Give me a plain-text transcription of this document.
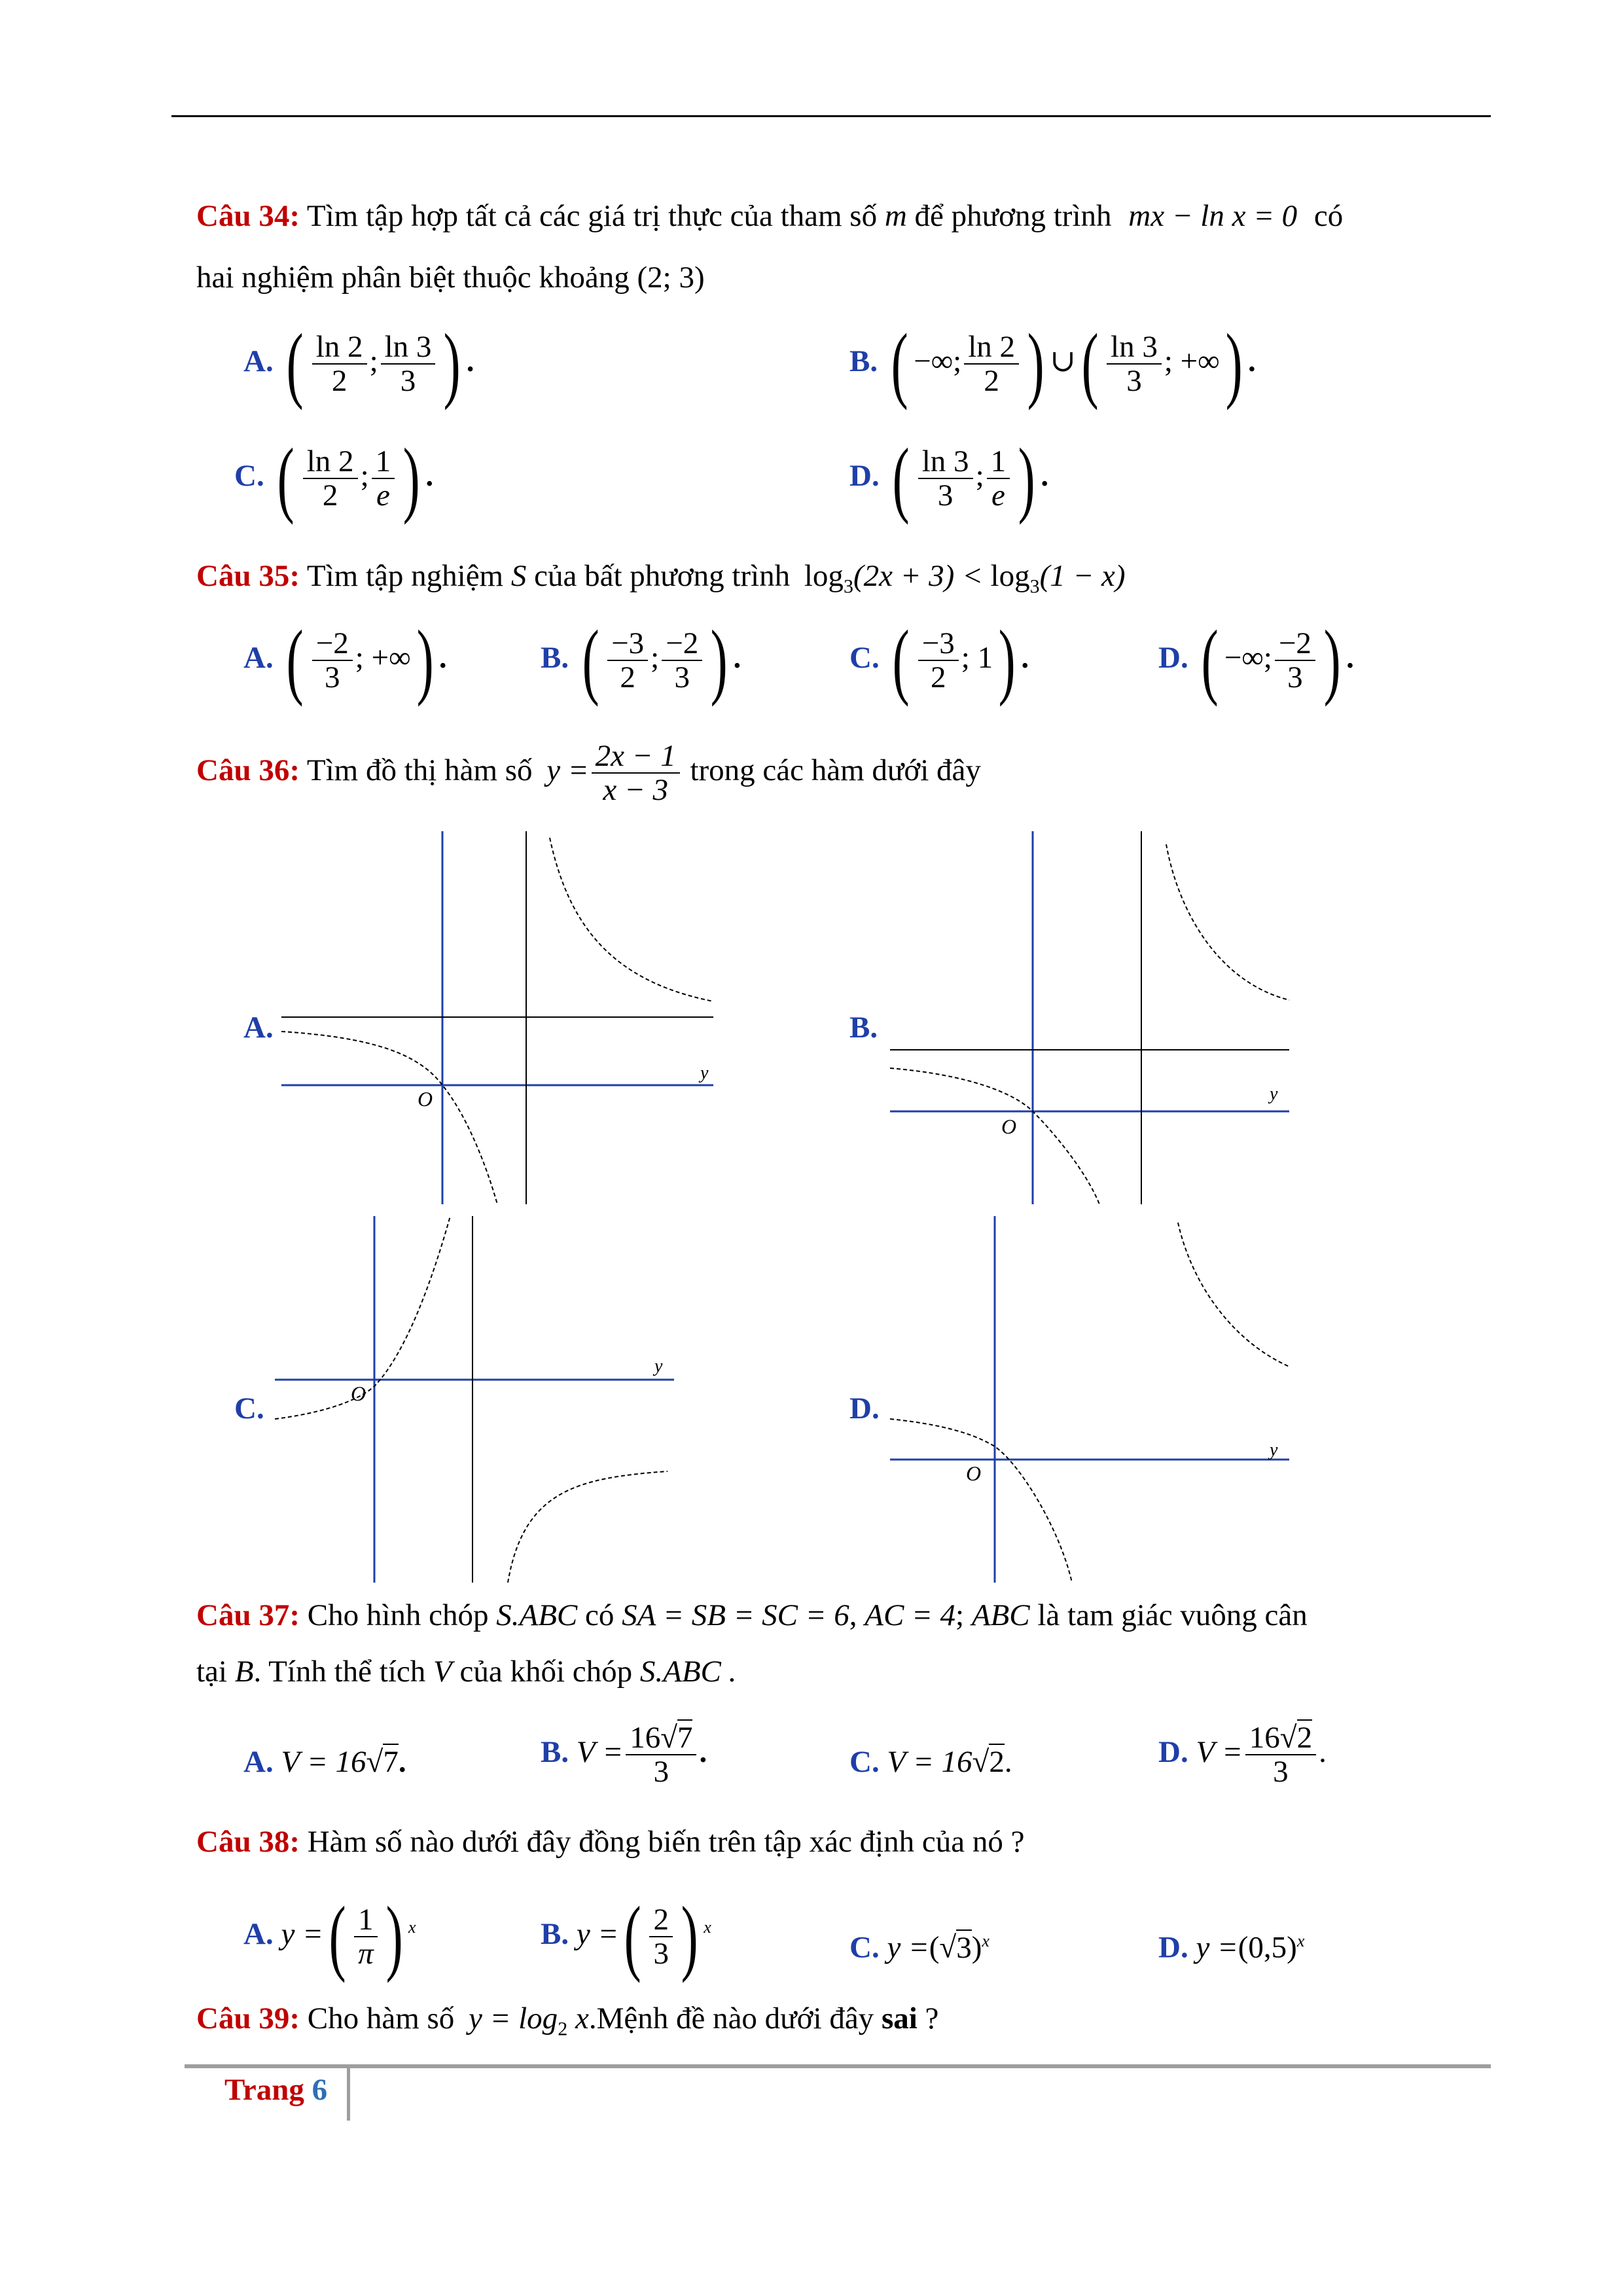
Câu 34: Tìm tập hợp tất cả các giá trị thực của tham số m để phương trình mx − ln x = 0 có
hai nghiệm phân biệt thuộc khoảng (2; 3)
A. ( $\frac{\ln 2}{2}$ ; $\frac{\ln 3}{3}$ ) .	B. ( −∞; $\frac{\ln 2}{2}$ ) ∪( $\frac{\ln 3}{3}$ ; +∞) .
C. ( $\frac{\ln 2}{2}$ ; $\frac{1}{e}$ ) .	D. ( $\frac{\ln 3}{3}$ ; $\frac{1}{e}$ ) .
Câu 35: Tìm tập nghiệm S của bất phương trình $\log_3(2x + 3) < \log_3(1 - x)$
A. ( $\frac{-2}{3}$ ; +∞) .	B. ( $\frac{-3}{2}$ ; $\frac{-2}{3}$ ) .	C. ( $\frac{-3}{2}$ ; 1) .	D. ( −∞; $\frac{-2}{3}$ ) .
Câu 36: Tìm đồ thị hàm số $y = \frac{2x - 1}{x - 3}$ trong các hàm dưới đây
A.
O
y
B.
O
y
C.	O
y
D.
O
y
Câu 37: Cho hình chóp S.ABC có SA = SB = SC = 6, AC = 4; ABC là tam giác vuông cân
tại B. Tính thể tích V của khối chóp S.ABC .
A. V = 16√7.	B. $V = \frac{16√7}{3}$ .	C. V = 16√2.	D. $V = \frac{16√2}{3}$ .
Câu 38: Hàm số nào dưới đây đồng biến trên tập xác định của nó ?
A. y =( $\frac{1}{\pi}$ ) $^x$	B. y =( $\frac{2}{3}$ ) $^x$
C. $y =(√3)^x$	D. $y =(0,5)^x$
Câu 39: Cho hàm số $y = \log_2$ x.Mệnh đề nào dưới đây sai ?
Trang 6
